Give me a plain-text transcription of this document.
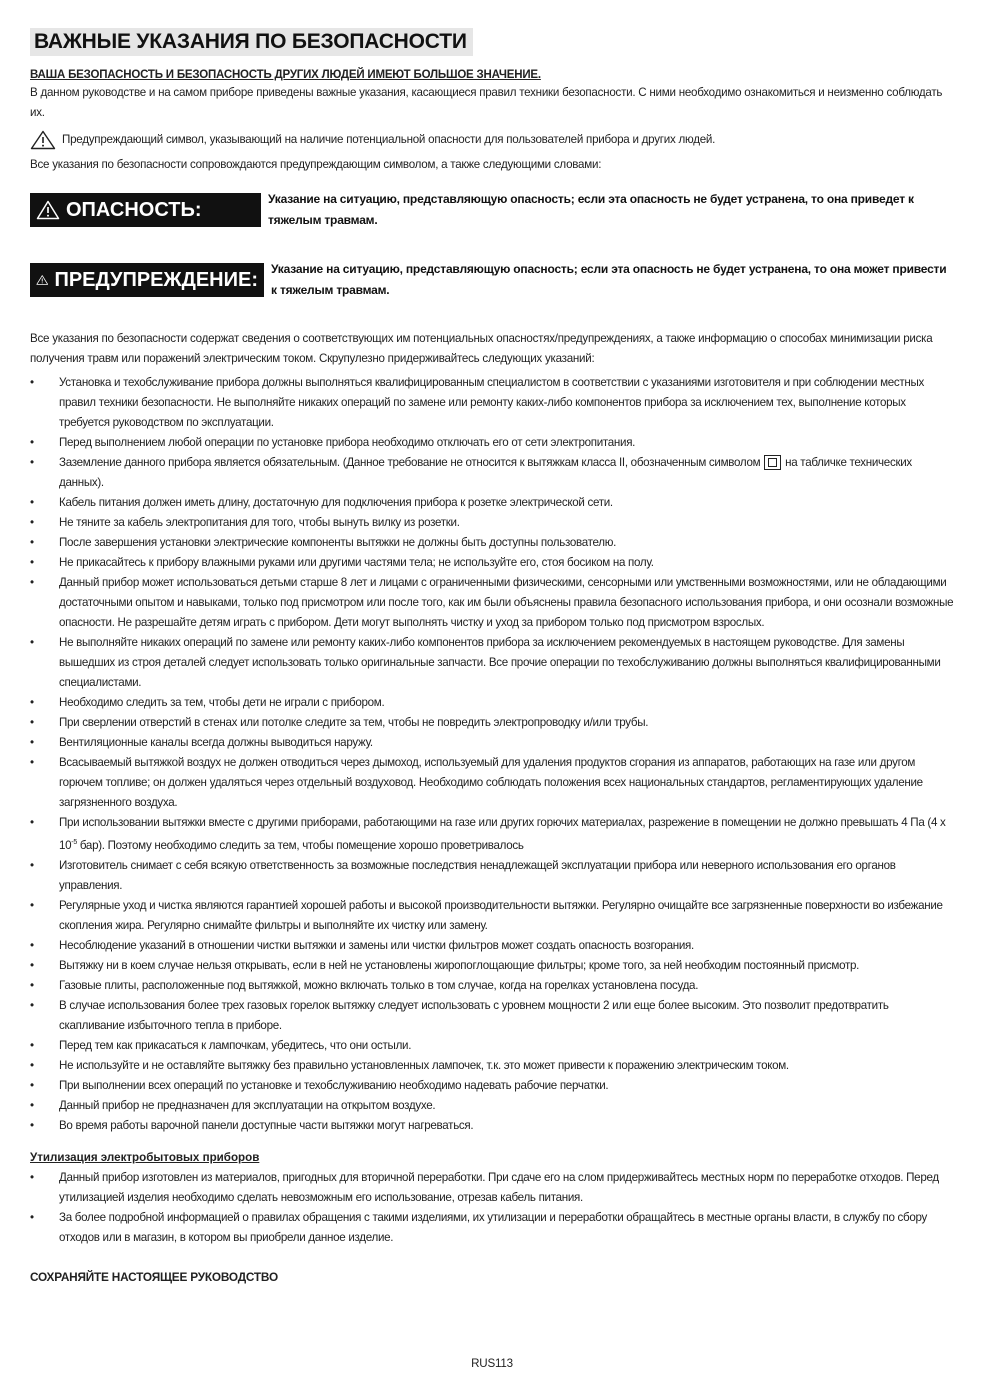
ВАЖНЫЕ УКАЗАНИЯ ПО БЕЗОПАСНОСТИ
ВАША БЕЗОПАСНОСТЬ И БЕЗОПАСНОСТЬ ДРУГИХ ЛЮДЕЙ ИМЕЮТ БОЛЬШОЕ ЗНАЧЕНИЕ.
В данном руководстве и на самом приборе приведены важные указания, касающиеся правил техники безопасности. С ними необходимо ознакомиться и неизменно соблюдать их.
Предупреждающий символ, указывающий на наличие потенциальной опасности для пользователей прибора и других людей.
Все указания по безопасности сопровождаются предупреждающим символом, а также следующими словами:
ОПАСНОСТЬ:	Указание на ситуацию, представляющую опасность; если эта опасность не будет устранена, то она приведет к тяжелым травмам.
ПРЕДУПРЕЖДЕНИЕ: Указание на ситуацию, представляющую опасность; если эта опасность не будет устранена, то она может привести к тяжелым травмам.
Все указания по безопасности содержат сведения о соответствующих им потенциальных опасностях/предупреждениях, а также информацию о способах минимизации риска получения травм или поражений электрическим током. Скрупулезно придерживайтесь следующих указаний:
• Установка и техобслуживание прибора должны выполняться квалифицированным специалистом в соответствии с указаниями изготовителя и при соблюдении местных правил техники безопасности. Не выполняйте никаких операций по замене или ремонту каких-либо компонентов прибора за исключением тех, выполнение которых требуется руководством по эксплуатации.
• Перед выполнением любой операции по установке прибора необходимо отключать его от сети электропитания.
• Заземление данного прибора является обязательным. (Данное требование не относится к вытяжкам класса II, обозначенным символом на табличке технических данных).
• Кабель питания должен иметь длину, достаточную для подключения прибора к розетке электрической сети.
• Не тяните за кабель электропитания для того, чтобы вынуть вилку из розетки.
• После завершения установки электрические компоненты вытяжки не должны быть доступны пользователю.
• Не прикасайтесь к прибору влажными руками или другими частями тела; не используйте его, стоя босиком на полу.
• Данный прибор может использоваться детьми старше 8 лет и лицами с ограниченными физическими, сенсорными или умственными возможностями, или не обладающими достаточными опытом и навыками, только под присмотром или после того, как им были объяснены правила безопасного использования прибора, и они осознали возможные опасности. Не разрешайте детям играть с прибором. Дети могут выполнять чистку и уход за прибором только под присмотром взрослых.
• Не выполняйте никаких операций по замене или ремонту каких-либо компонентов прибора за исключением рекомендуемых в настоящем руководстве. Для замены вышедших из строя деталей следует использовать только оригинальные запчасти. Все прочие операции по техобслуживанию должны выполняться квалифицированными специалистами.
• Необходимо следить за тем, чтобы дети не играли с прибором.
• При сверлении отверстий в стенах или потолке следите за тем, чтобы не повредить электропроводку и/или трубы.
• Вентиляционные каналы всегда должны выводиться наружу.
• Всасываемый вытяжкой воздух не должен отводиться через дымоход, используемый для удаления продуктов сгорания из аппаратов, работающих на газе или другом горючем топливе; он должен удаляться через отдельный воздуховод. Необходимо соблюдать положения всех национальных стандартов, регламентирующих удаление загрязненного воздуха.
• При использовании вытяжки вместе с другими приборами, работающими на газе или других горючих материалах, разрежение в помещении не должно превышать 4 Па (4 x $10^{-5}$ бар). Поэтому необходимо следить за тем, чтобы помещение хорошо проветривалось
• Изготовитель снимает с себя всякую ответственность за возможные последствия ненадлежащей эксплуатации прибора или неверного использования его органов управления.
• Регулярные уход и чистка являются гарантией хорошей работы и высокой производительности вытяжки. Регулярно очищайте все загрязненные поверхности во избежание скопления жира. Регулярно снимайте фильтры и выполняйте их чистку или замену.
• Несоблюдение указаний в отношении чистки вытяжки и замены или чистки фильтров может создать опасность возгорания.
• Вытяжку ни в коем случае нельзя открывать, если в ней не установлены жиропоглощающие фильтры; кроме того, за ней необходим постоянный присмотр.
• Газовые плиты, расположенные под вытяжкой, можно включать только в том случае, когда на горелках установлена посуда.
• В случае использования более трех газовых горелок вытяжку следует использовать с уровнем мощности 2 или еще более высоким. Это позволит предотвратить скапливание избыточного тепла в приборе.
• Перед тем как прикасаться к лампочкам, убедитесь, что они остыли.
• Не используйте и не оставляйте вытяжку без правильно установленных лампочек, т.к. это может привести к поражению электрическим током.
• При выполнении всех операций по установке и техобслуживанию необходимо надевать рабочие перчатки.
• Данный прибор не предназначен для эксплуатации на открытом воздухе.
• Во время работы варочной панели доступные части вытяжки могут нагреваться.
Утилизация электробытовых приборов
• Данный прибор изготовлен из материалов, пригодных для вторичной переработки. При сдаче его на слом придерживайтесь местных норм по переработке отходов. Перед утилизацией изделия необходимо сделать невозможным его использование, отрезав кабель питания.
• За более подробной информацией о правилах обращения с такими изделиями, их утилизации и переработки обращайтесь в местные органы власти, в службу по сбору отходов или в магазин, в котором вы приобрели данное изделие.
СОХРАНЯЙТЕ НАСТОЯЩЕЕ РУКОВОДСТВО
RUS113
